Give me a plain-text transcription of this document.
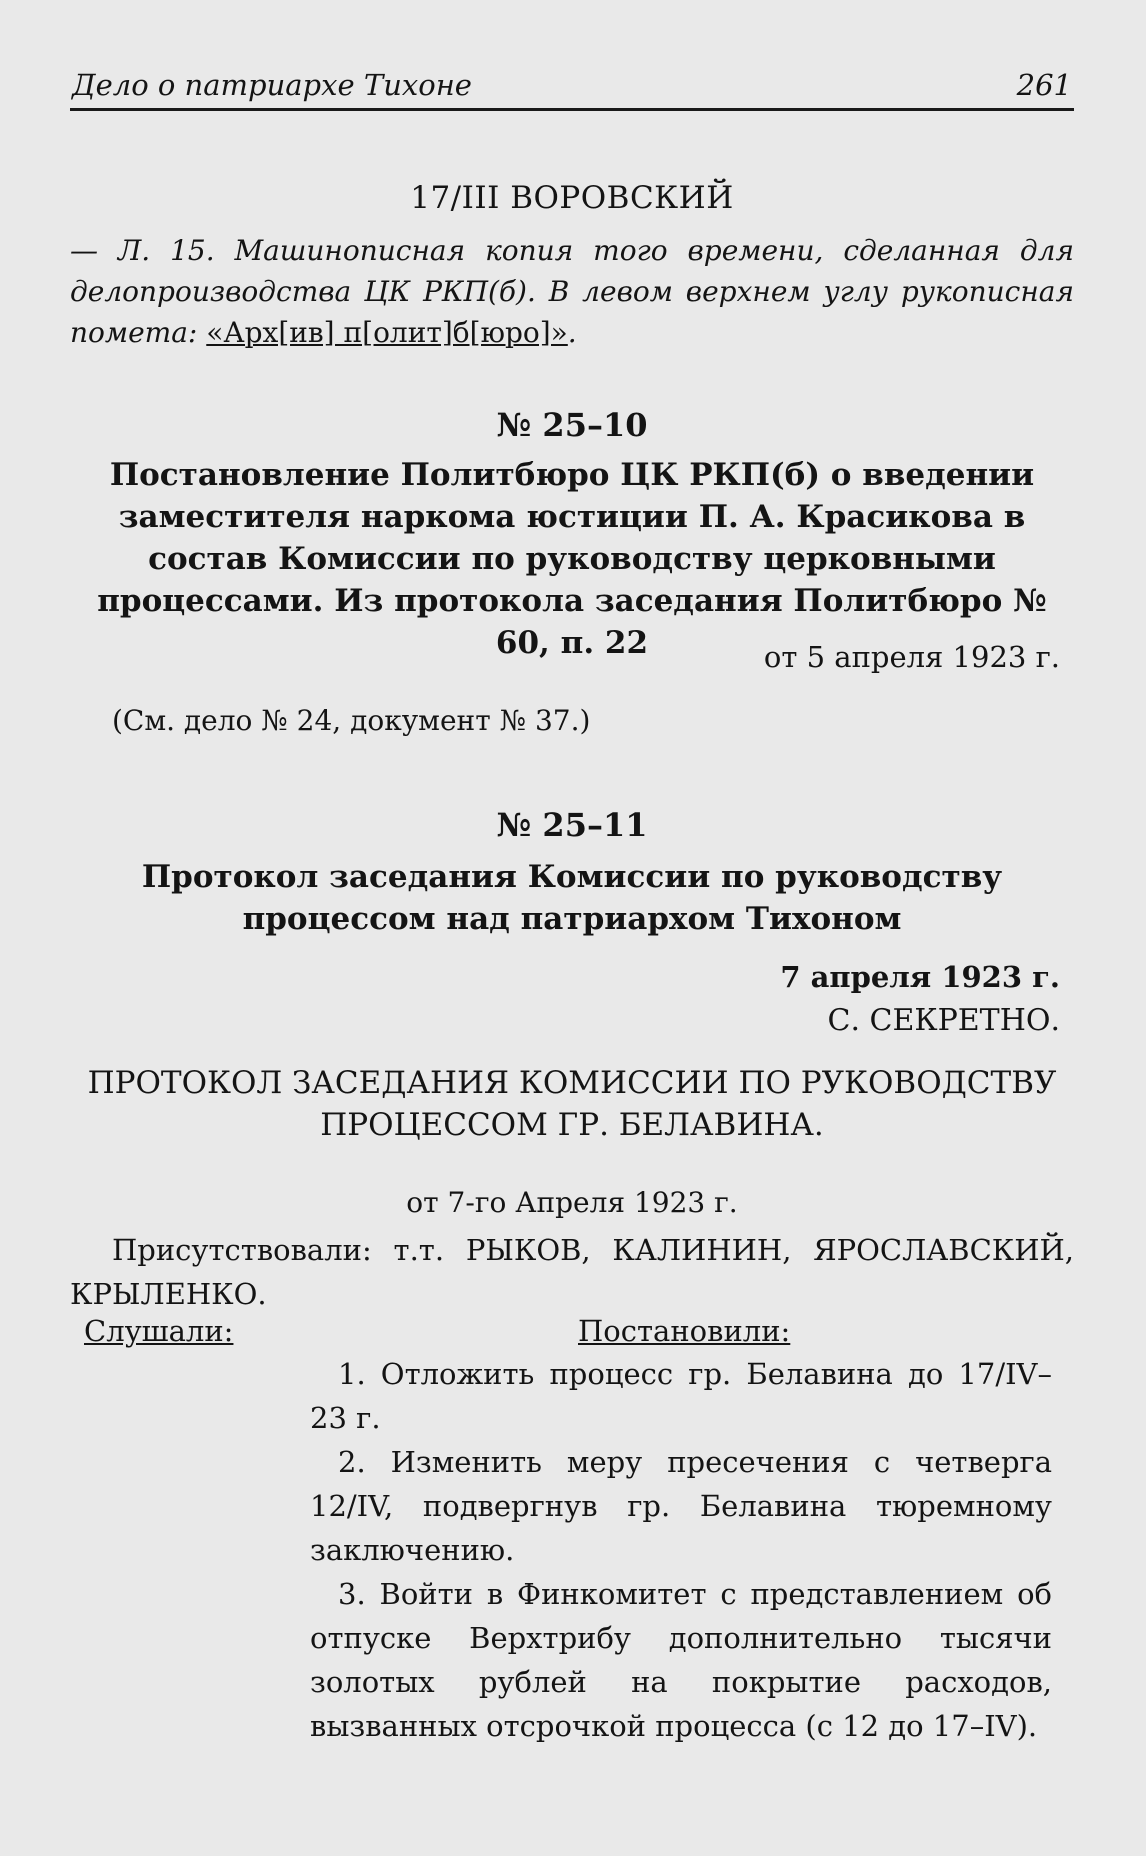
Дело о патриархе Тихоне	261
17/III ВОРОВСКИЙ
— Л. 15. Машинописная копия того времени, сделанная для делопроизводства ЦК РКП(б). В левом верхнем углу рукописная помета: «Арх[ив] п[олит]б[юро]».
№ 25–10
Постановление Политбюро ЦК РКП(б) о введении заместителя наркома юстиции П. А. Красикова в состав Комиссии по руководству церковными процессами. Из протокола заседания Политбюро № 60, п. 22	от 5 апреля 1923 г.
(См. дело № 24, документ № 37.)
№ 25–11
Протокол заседания Комиссии по руководству процессом над патриархом Тихоном
7 апреля 1923 г.
С. СЕКРЕТНО.
ПРОТОКОЛ ЗАСЕДАНИЯ КОМИССИИ ПО РУКОВОДСТВУ ПРОЦЕССОМ ГР. БЕЛАВИНА.
от 7-го Апреля 1923 г.
Присутствовали: т.т. РЫКОВ, КАЛИНИН, ЯРОСЛАВСКИЙ, КРЫЛЕНКО.
Слушали:	Постановили:

1. Отложить процесс гр. Белавина до 17/IV–23 г.

2. Изменить меру пресечения с четверга 12/IV, подвергнув гр. Белавина тюремному заключению.

3. Войти в Финкомитет с представлением об отпуске Верхтрибу дополнительно тысячи золотых рублей на покрытие расходов, вызванных отсрочкой процесса (с 12 до 17–IV).
